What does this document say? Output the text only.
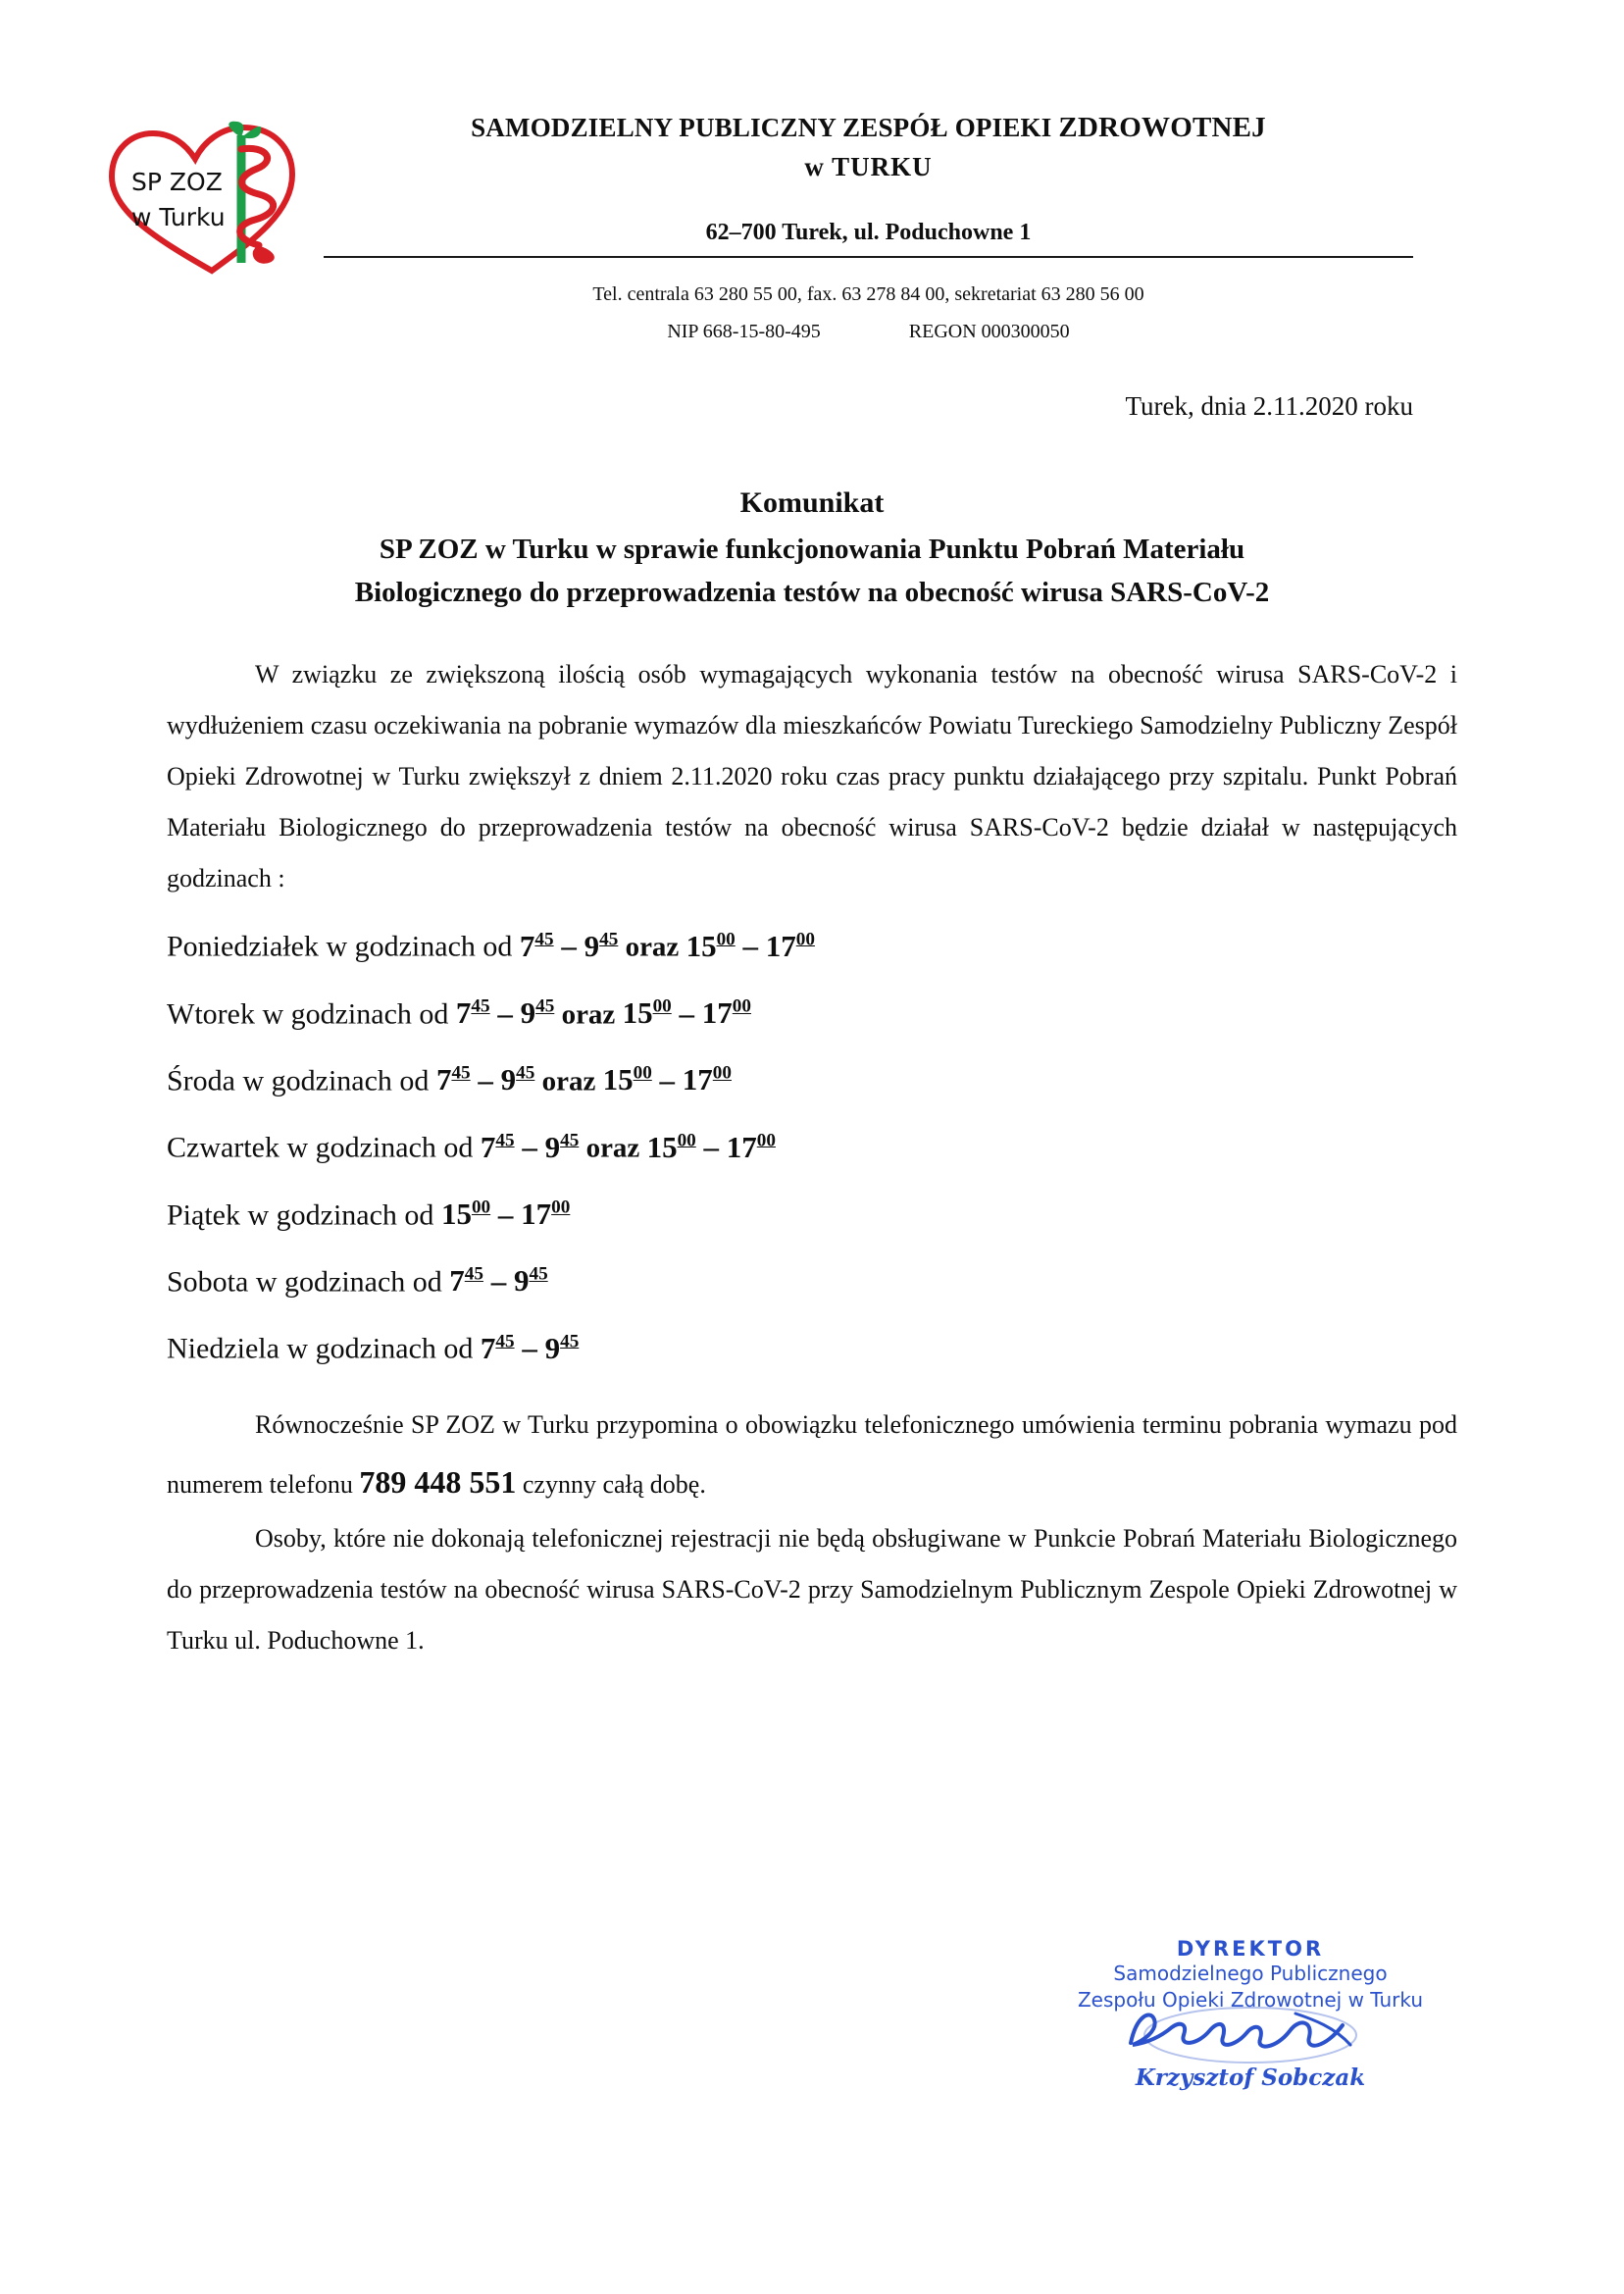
SP ZOZ
w Turku
SAMODZIELNY PUBLICZNY ZESPÓŁ OPIEKI ZDROWOTNEJ
w TURKU
62–700 Turek, ul. Poduchowne 1
Tel. centrala 63 280 55 00, fax. 63 278 84 00, sekretariat 63 280 56 00
NIP 668-15-80-495	REGON 000300050
Turek, dnia 2.11.2020 roku
Komunikat
SP ZOZ w Turku w sprawie funkcjonowania Punktu Pobrań Materiału
Biologicznego do przeprowadzenia testów na obecność wirusa SARS-CoV-2

W związku ze zwiększoną ilością osób wymagających wykonania testów na obecność wirusa SARS-CoV-2 i wydłużeniem czasu oczekiwania na pobranie wymazów dla mieszkańców Powiatu Tureckiego Samodzielny Publiczny Zespół Opieki Zdrowotnej w Turku zwiększył z dniem 2.11.2020 roku czas pracy punktu działającego przy szpitalu. Punkt Pobrań Materiału Biologicznego do przeprowadzenia testów na obecność wirusa SARS-CoV-2 będzie działał w następujących godzinach :

Poniedziałek w godzinach od $7^{45} - 9^{45}$ oraz $15^{00} - 17^{00}$
Wtorek w godzinach od $7^{45} - 9^{45}$ oraz $15^{00} - 17^{00}$
Środa w godzinach od $7^{45} - 9^{45}$ oraz $15^{00} - 17^{00}$
Czwartek w godzinach od $7^{45} - 9^{45}$ oraz $15^{00} - 17^{00}$
Piątek w godzinach od $15^{00} - 17^{00}$
Sobota w godzinach od $7^{45} - 9^{45}$
Niedziela w godzinach od $7^{45} - 9^{45}$

Równocześnie SP ZOZ w Turku przypomina o obowiązku telefonicznego umówienia terminu pobrania wymazu pod numerem telefonu 789 448 551 czynny całą dobę.

Osoby, które nie dokonają telefonicznej rejestracji nie będą obsługiwane w Punkcie Pobrań Materiału Biologicznego do przeprowadzenia testów na obecność wirusa SARS-CoV-2 przy Samodzielnym Publicznym Zespole Opieki Zdrowotnej w Turku ul. Poduchowne 1.

DYREKTOR
Samodzielnego Publicznego
Zespołu Opieki Zdrowotnej w Turku
Krzysztof Sobczak
